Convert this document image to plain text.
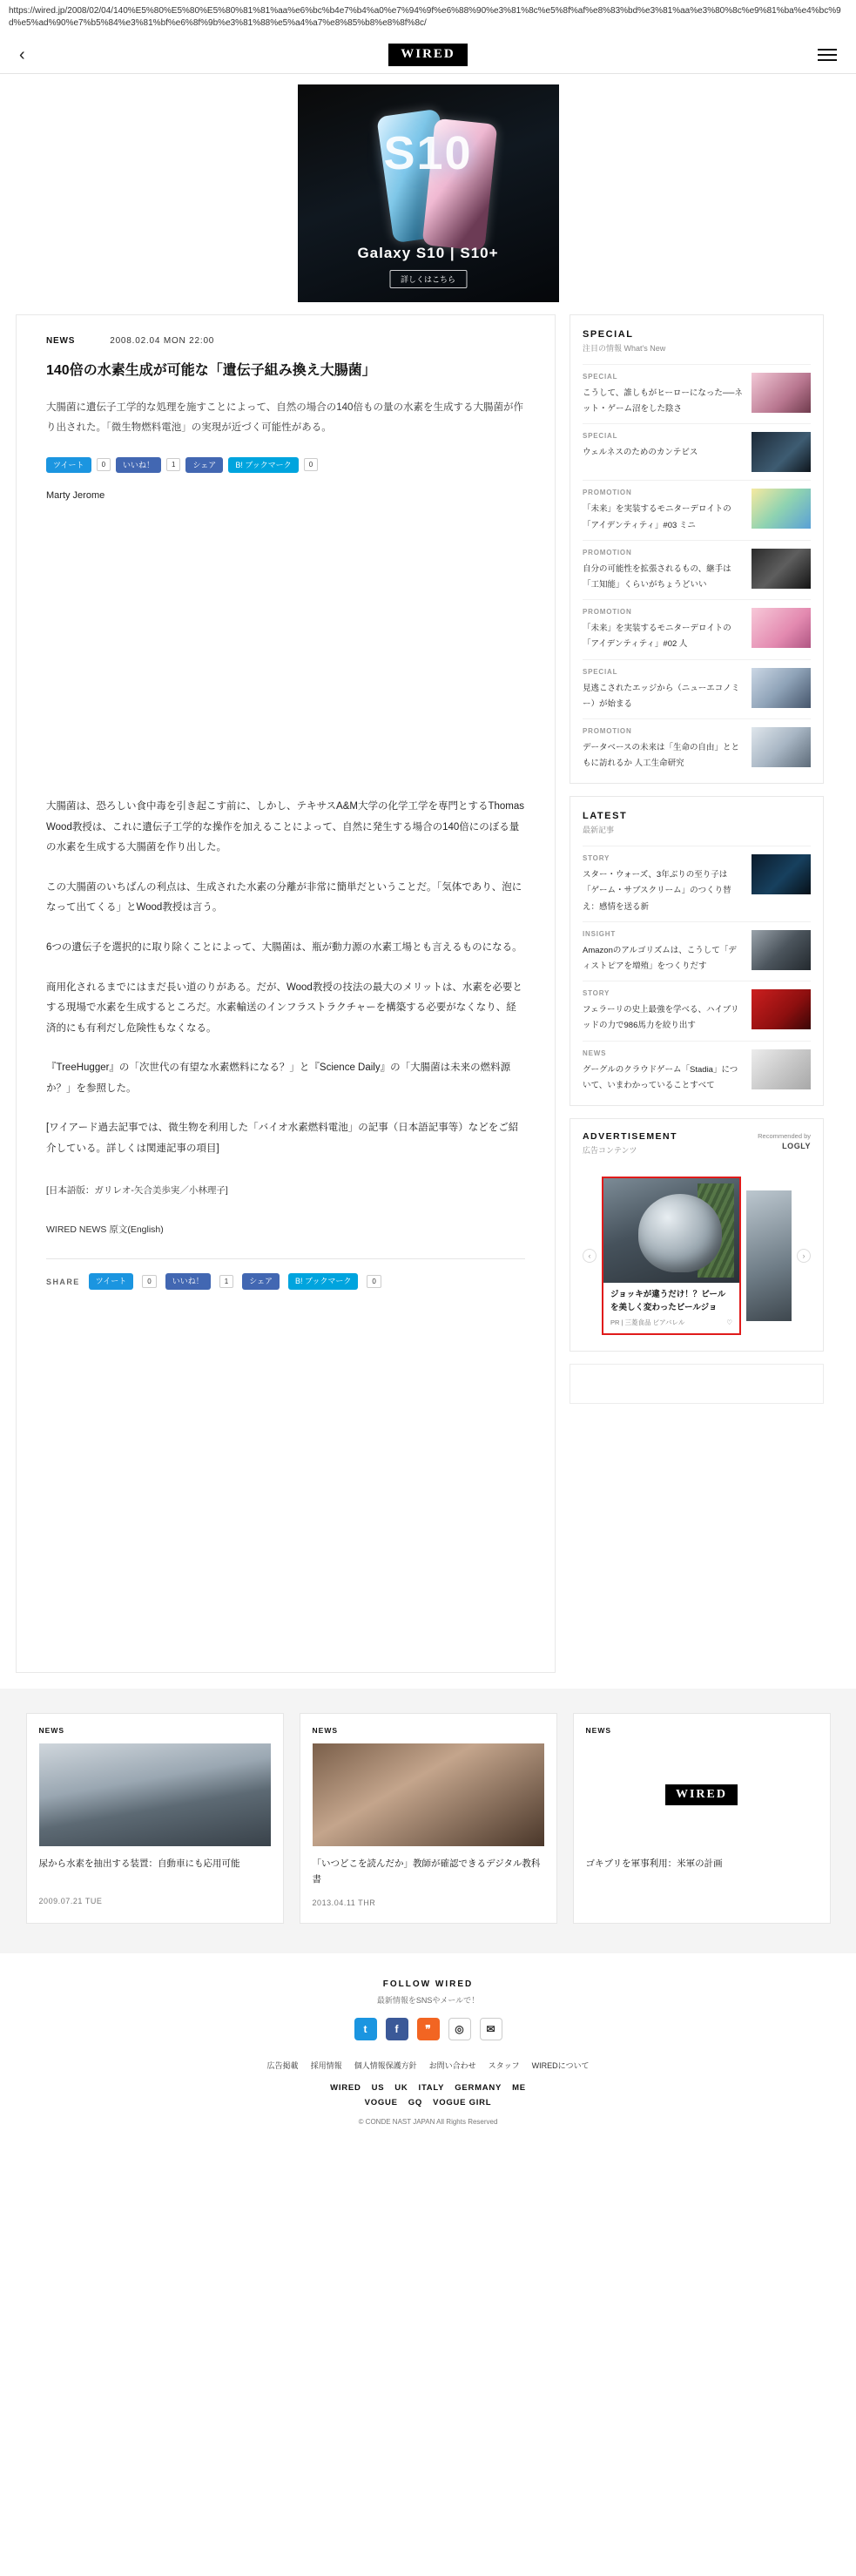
https://wired.jp/2008/02/04/140%E5%80%E5%80%E5%80%81%81%aa%e6%bc%b4e7%b4%a0%e7%94%9f%e6%88%90%e3%81%8c%e5%8f%af%e8%83%bd%e3%81%aa%e3%80%8c%e9%81%ba%e4%bc%9d%e5%ad%90%e7%b5%84%e3%81%bf%e6%8f%9b%e3%81%88%e5%a4%a7%e8%85%b8%e8%8f%8c/
‹	WIRED
S10
Galaxy S10 | S10+
詳しくはこちら
NEWS	2008.02.04 MON 22:00
140倍の水素生成が可能な「遺伝子組み換え大腸菌」

大腸菌に遺伝子工学的な処理を施すことによって、自然の場合の140倍もの量の水素を生成する大腸菌が作り出された。「微生物燃料電池」の実現が近づく可能性がある。

ツイート	0	いいね！	1	シェア	B! ブックマーク	0
Marty Jerome

大腸菌は、恐ろしい食中毒を引き起こす前に、しかし、テキサスA&M大学の化学工学を専門とするThomas Wood教授は、これに遺伝子工学的な操作を加えることによって、自然に発生する場合の140倍にのぼる量の水素を生成する大腸菌を作り出した。

この大腸菌のいちばんの利点は、生成された水素の分離が非常に簡単だということだ。「気体であり、泡になって出てくる」とWood教授は言う。

6つの遺伝子を選択的に取り除くことによって、大腸菌は、瓶が動力源の水素工場とも言えるものになる。

商用化されるまでにはまだ長い道のりがある。だが、Wood教授の技法の最大のメリットは、水素を必要とする現場で水素を生成するところだ。水素輸送のインフラストラクチャーを構築する必要がなくなり、経済的にも有利だし危険性もなくなる。

『TreeHugger』の「次世代の有望な水素燃料になる？」と『Science Daily』の「大腸菌は未来の燃料源か？」を参照した。

[ワイアード過去記事では、微生物を利用した「バイオ水素燃料電池」の記事（日本語記事等）などをご紹介している。詳しくは関連記事の項目]

[日本語版：ガリレオ-矢合美歩実／小林理子]
WIRED NEWS 原文(English)
SHARE	ツイート	0	いいね！	1	シェア	B! ブックマーク	0
SPECIAL
注目の情報 What's New
SPECIAL
こうして、誰しもがヒーローになった──ネット・ゲーム沼をした陰さ
SPECIAL
ウェルネスのためのカンテビス
PROMOTION
「未来」を実装するモニターデロイトの「アイデンティティ」#03 ミニ
PROMOTION
自分の可能性を拡張されるもの、継手は「工知能」くらいがちょうどいい
PROMOTION
「未来」を実装するモニターデロイトの「アイデンティティ」#02 人
SPECIAL
見逃こされたエッジから（ニューエコノミー）が始まる
PROMOTION
データベースの未来は「生命の自由」とともに訪れるか 人工生命研究
LATEST
最新記事
STORY
スター・ウォーズ、3年ぶりの至り子は「ゲーム・サブスクリーム」のつくり替え：感情を送る新
INSIGHT
Amazonのアルゴリズムは、こうして「ディストピアを増殖」をつくりだす
STORY
フェラーリの史上最強を学べる、ハイブリッドの力で986馬力を絞り出す
NEWS
グーグルのクラウドゲーム「Stadia」について、いまわかっていることすべて
ADVERTISEMENT
広告コンテンツ
Recommended by
LOGLY
‹
ジョッキが違うだけ！？ビールを美しく変わったビールジョ
PR | 三菱食品 ビアバレル	♡
›
NEWS
尿から水素を抽出する装置：自動車にも応用可能
2009.07.21 TUE
NEWS
「いつどこを読んだか」教師が確認できるデジタル教科書
2013.04.11 THR
NEWS
WIRED
ゴキブリを軍事利用：米軍の計画
FOLLOW WIRED
最新情報をSNSやメールで！
t	f	❞	◎	✉
広告掲載 採用情報 個人情報保護方針 お問い合わせ スタッフ WIREDについて
WIRED US UK ITALY GERMANY ME
VOGUE GQ VOGUE GIRL
© CONDE NAST JAPAN All Rights Reserved
